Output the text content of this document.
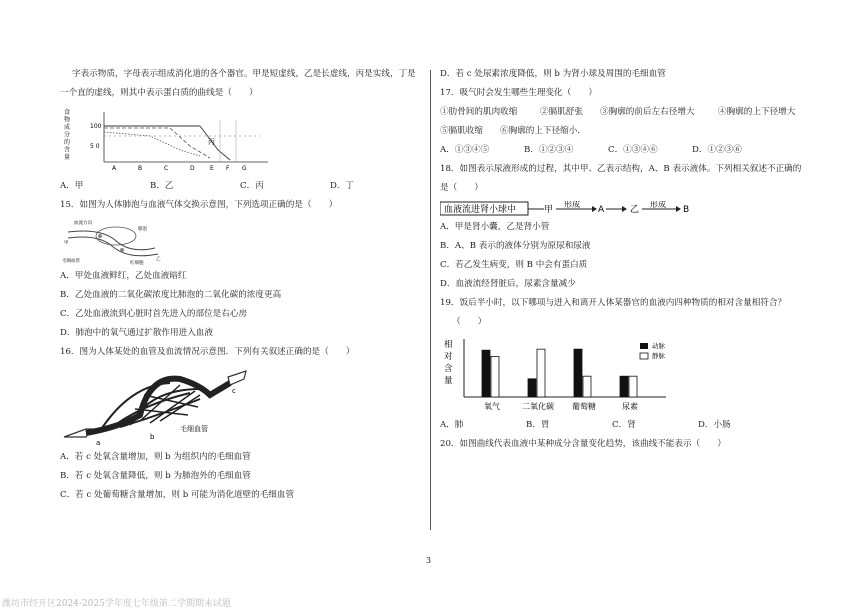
字表示物质，字母表示组成消化道的各个器官。甲是短虚线，乙是长虚线，丙是实线，丁是
一个直的虚线，则其中表示蛋白质的曲线是（　　）
食
物
成
分
的
含
量
100
5 0
丙
A	B	C	D	E F G
A．甲	B．乙	C．丙	D．丁
15．如图为人体肺泡与血液气体交换示意图，下列选项正确的是（　　）
血流方向
毛细血管
甲
乙
肺泡
红细胞
A．甲处血液鲜红，乙处血液暗红
B．乙处血液的二氧化碳浓度比肺泡的二氧化碳的浓度更高
C．乙处血液流到心脏时首先进入的部位是右心房
D．肺泡中的氧气通过扩散作用进入血液
16．图为人体某处的血管及血流情况示意图．下列有关叙述正确的是（　　）
c
毛细血管
b
a
A．若 c 处氧含量增加，则 b 为组织内的毛细血管
B．若 c 处氧含量降低，则 b 为肺泡外的毛细血管
C．若 c 处葡萄糖含量增加，则 b 可能为消化道壁的毛细血管
D．若 c 处尿素浓度降低，则 b 为肾小球及周围的毛细血管
17．吸气时会发生哪些生理变化（　　）
①肋骨间的肌肉收缩	②膈肌舒张	③胸廓的前后左右径增大	④胸廓的上下径增大
⑤膈肌收缩	⑥胸廓的上下径缩小．
A．①③④⑤	B．①②③④	C．①③④⑥	D．①②③⑥
18．如图表示尿液形成的过程，其中甲、乙表示结构，A、B 表示液体。下列相关叙述不正确的
是（　　）
血液流进肾小球中	甲
形成
A	乙
形成
B
A．甲是肾小囊，乙是肾小管
B．A、B 表示的液体分别为原尿和尿液
C．若乙发生病变，则 B 中会有蛋白质
D．血液流经肾脏后，尿素含量减少
19．饭后半小时，以下哪项与进入和离开人体某器官的血液内四种物质的相对含量相符合？
（　　）
相
对
含
量
氧气	二氧化碳 葡萄糖	尿素
动脉
静脉
A．肺	B．胃	C．肾	D．小肠
20．如图曲线代表血液中某种成分含量变化趋势，该曲线不能表示（　　）
3
潍坊市经开区2024-2025学年度七年级第二学期期末试题
